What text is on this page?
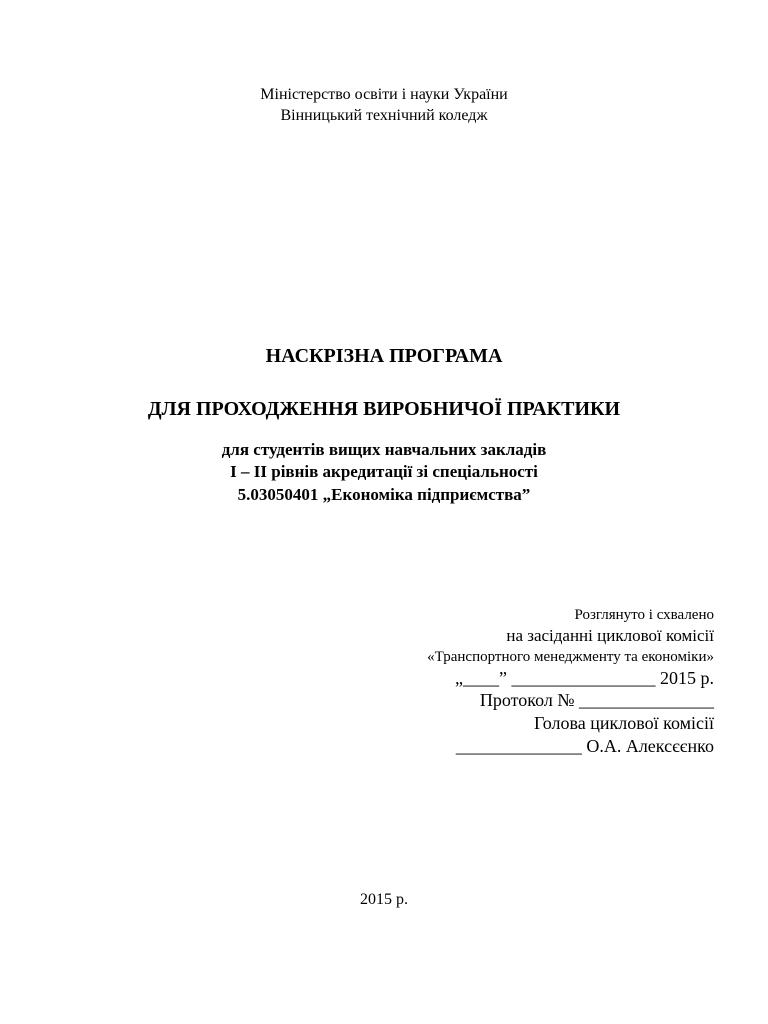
Міністерство освіти і науки України
Вінницький технічний коледж
НАСКРІЗНА ПРОГРАМА
ДЛЯ ПРОХОДЖЕННЯ ВИРОБНИЧОЇ ПРАКТИКИ
для студентів вищих навчальних закладів
І – ІІ рівнів акредитації зі спеціальності
5.03050401 „Економіка підприємства”
Розглянуто і схвалено
на засіданні циклової комісії
«Транспортного менеджменту та економіки»
„____” ________________ 2015 р.
Протокол № _______________
Голова циклової комісії
______________ О.А. Алексєєнко
2015 р.
